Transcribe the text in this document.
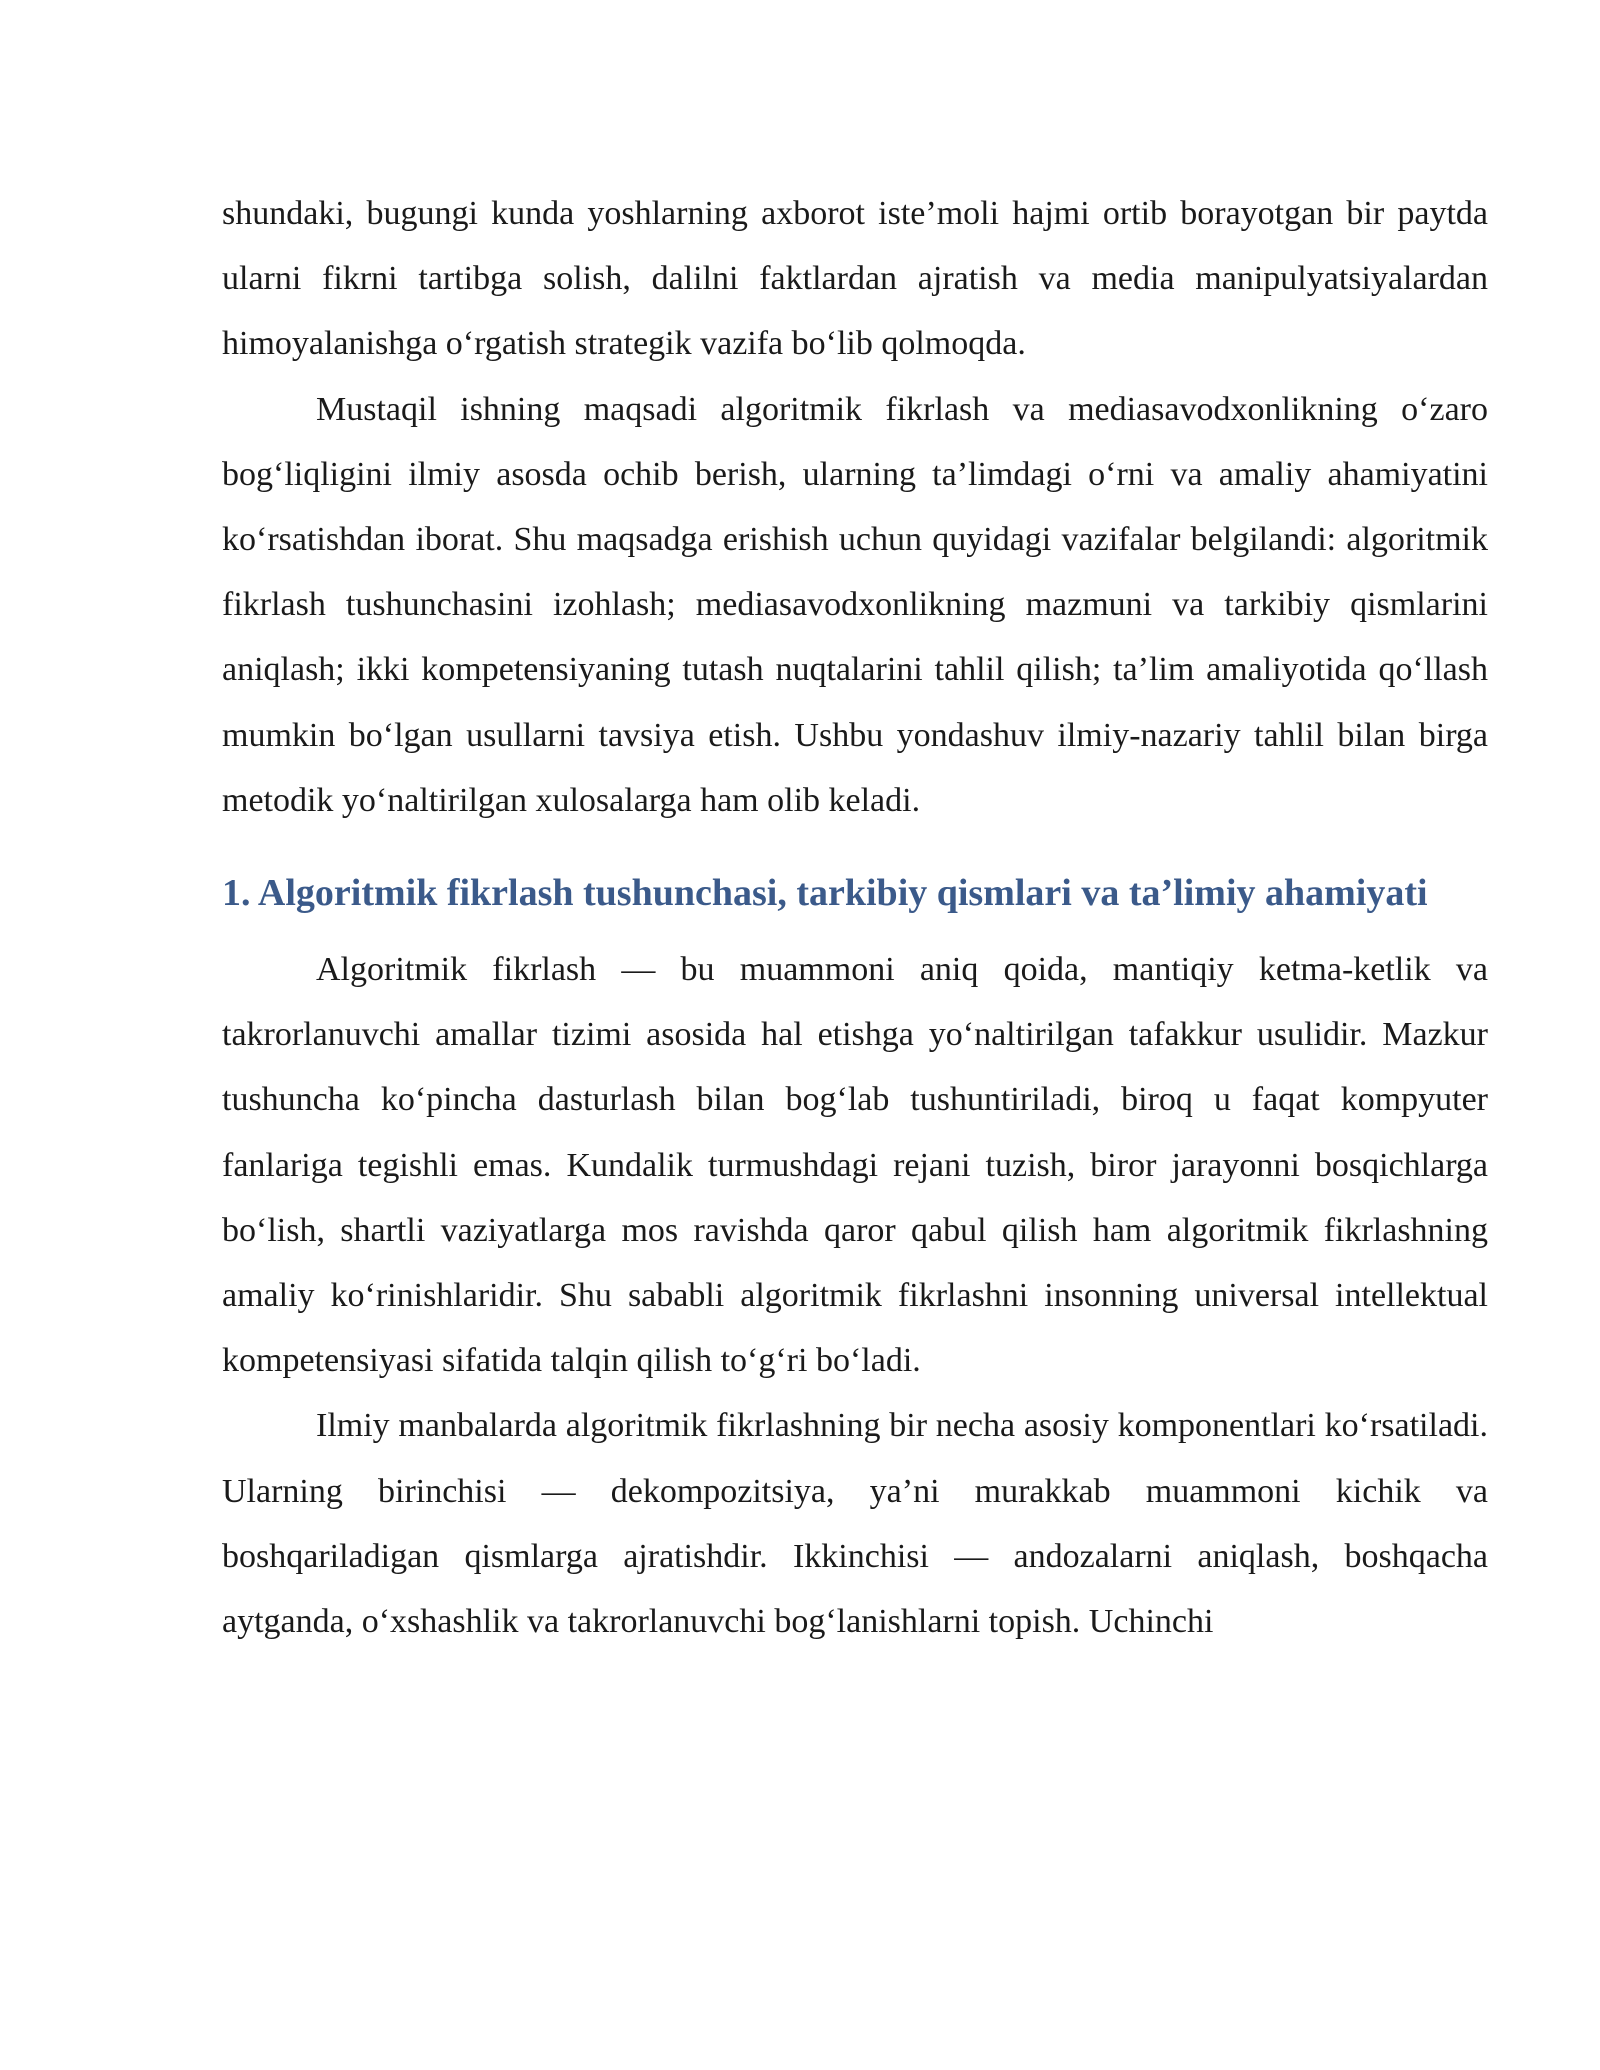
shundaki, bugungi kunda yoshlarning axborot iste’moli hajmi ortib borayotgan bir paytda ularni fikrni tartibga solish, dalilni faktlardan ajratish va media manipulyatsiyalardan himoyalanishga oʻrgatish strategik vazifa boʻlib qolmoqda.

Mustaqil ishning maqsadi algoritmik fikrlash va mediasavodxonlikning oʻzaro bogʻliqligini ilmiy asosda ochib berish, ularning ta’limdagi oʻrni va amaliy ahamiyatini koʻrsatishdan iborat. Shu maqsadga erishish uchun quyidagi vazifalar belgilandi: algoritmik fikrlash tushunchasini izohlash; mediasavodxonlikning mazmuni va tarkibiy qismlarini aniqlash; ikki kompetensiyaning tutash nuqtalarini tahlil qilish; ta’lim amaliyotida qoʻllash mumkin boʻlgan usullarni tavsiya etish. Ushbu yondashuv ilmiy-nazariy tahlil bilan birga metodik yoʻnaltirilgan xulosalarga ham olib keladi.

1. Algoritmik fikrlash tushunchasi, tarkibiy qismlari va ta’limiy ahamiyati

Algoritmik fikrlash — bu muammoni aniq qoida, mantiqiy ketma-ketlik va takrorlanuvchi amallar tizimi asosida hal etishga yoʻnaltirilgan tafakkur usulidir. Mazkur tushuncha koʻpincha dasturlash bilan bogʻlab tushuntiriladi, biroq u faqat kompyuter fanlariga tegishli emas. Kundalik turmushdagi rejani tuzish, biror jarayonni bosqichlarga boʻlish, shartli vaziyatlarga mos ravishda qaror qabul qilish ham algoritmik fikrlashning amaliy koʻrinishlaridir. Shu sababli algoritmik fikrlashni insonning universal intellektual kompetensiyasi sifatida talqin qilish toʻgʻri boʻladi.

Ilmiy manbalarda algoritmik fikrlashning bir necha asosiy komponentlari koʻrsatiladi. Ularning birinchisi — dekompozitsiya, ya’ni murakkab muammoni kichik va boshqariladigan qismlarga ajratishdir. Ikkinchisi — andozalarni aniqlash, boshqacha aytganda, oʻxshashlik va takrorlanuvchi bogʻlanishlarni topish. Uchinchi
